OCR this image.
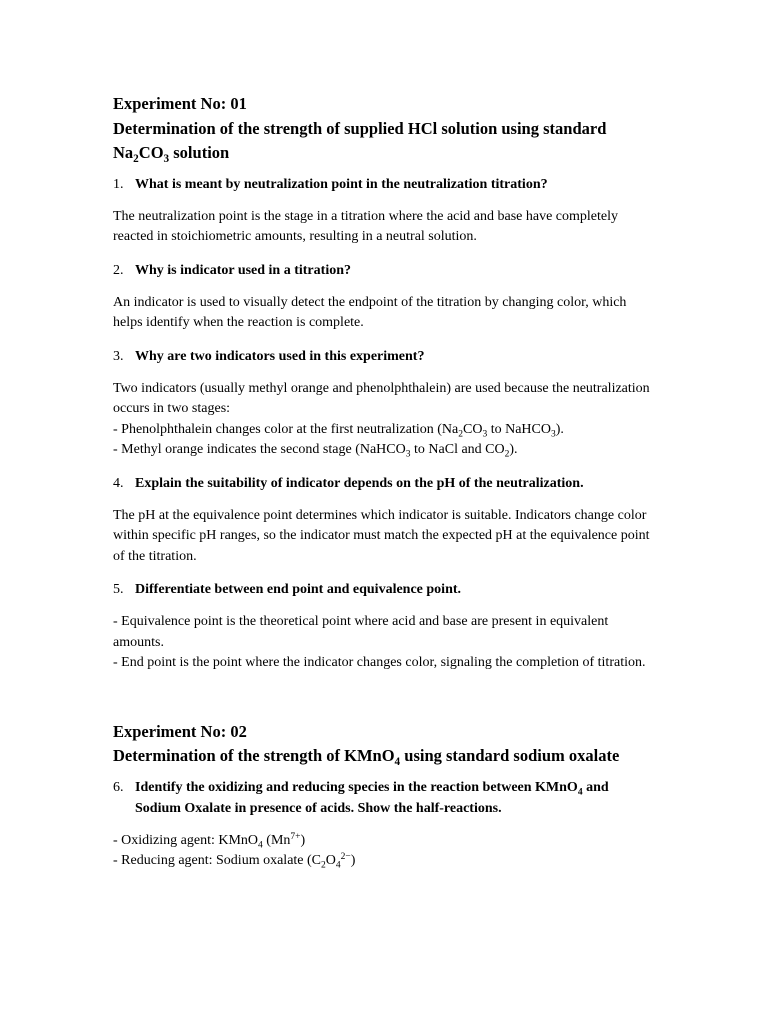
Experiment No: 01
Determination of the strength of supplied HCl solution using standard
$Na_2CO_3$ solution
1. What is meant by neutralization point in the neutralization titration?
The neutralization point is the stage in a titration where the acid and base have completely reacted in stoichiometric amounts, resulting in a neutral solution.
2. Why is indicator used in a titration?
An indicator is used to visually detect the endpoint of the titration by changing color, which helps identify when the reaction is complete.
3. Why are two indicators used in this experiment?
Two indicators (usually methyl orange and phenolphthalein) are used because the neutralization occurs in two stages:
- Phenolphthalein changes color at the first neutralization ($Na_2CO_3$ to NaHCO$_3$).
- Methyl orange indicates the second stage (NaHCO$_3$ to NaCl and $CO_2$).
4. Explain the suitability of indicator depends on the pH of the neutralization.
The pH at the equivalence point determines which indicator is suitable. Indicators change color within specific pH ranges, so the indicator must match the expected pH at the equivalence point of the titration.
5. Differentiate between end point and equivalence point.
- Equivalence point is the theoretical point where acid and base are present in equivalent amounts.
- End point is the point where the indicator changes color, signaling the completion of titration.
Experiment No: 02
Determination of the strength of KMnO$_4$ using standard sodium oxalate
6. Identify the oxidizing and reducing species in the reaction between KMnO$_4$ and Sodium Oxalate in presence of acids. Show the half-reactions.
- Oxidizing agent: KMnO$_4$ $(Mn^{7+})$
- Reducing agent: Sodium oxalate $(C_2O_4^{2-})$
